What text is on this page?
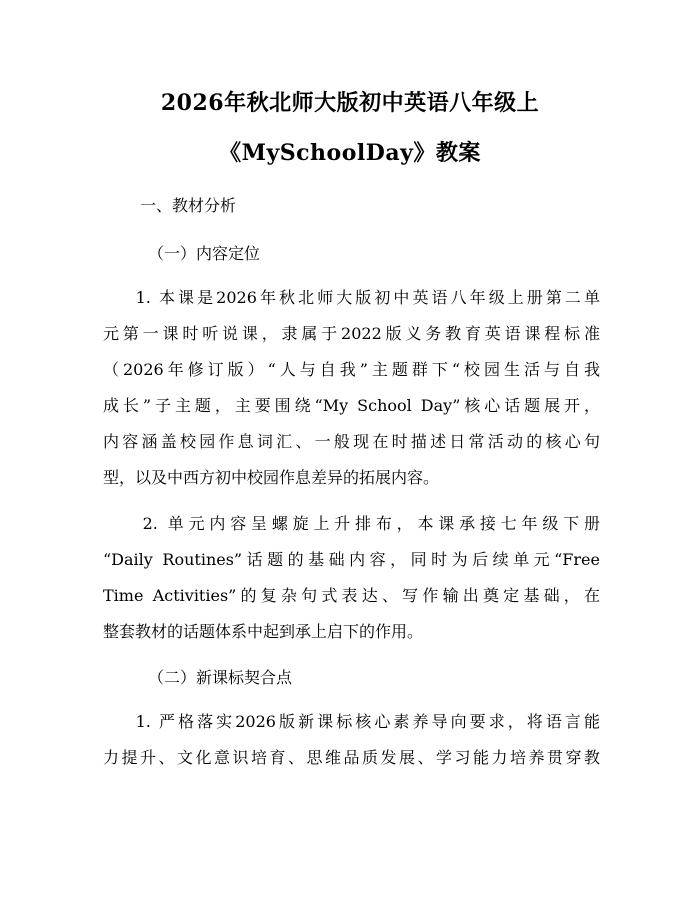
2026年秋北师大版初中英语八年级上
《MySchoolDay》教案
一、教材分析
（一）内容定位
1. 本课是2026年秋北师大版初中英语八年级上册第二单
元第一课时听说课，隶属于2022版义务教育英语课程标准
（2026年修订版）“人与自我”主题群下“校园生活与自我
成长”子主题，主要围绕“My School Day”核心话题展开，
内容涵盖校园作息词汇、一般现在时描述日常活动的核心句
型，以及中西方初中校园作息差异的拓展内容。
2. 单元内容呈螺旋上升排布，本课承接七年级下册
“Daily Routines”话题的基础内容，同时为后续单元“Free
Time Activities”的复杂句式表达、写作输出奠定基础，在
整套教材的话题体系中起到承上启下的作用。
（二）新课标契合点
1. 严格落实2026版新课标核心素养导向要求，将语言能
力提升、文化意识培育、思维品质发展、学习能力培养贯穿教
